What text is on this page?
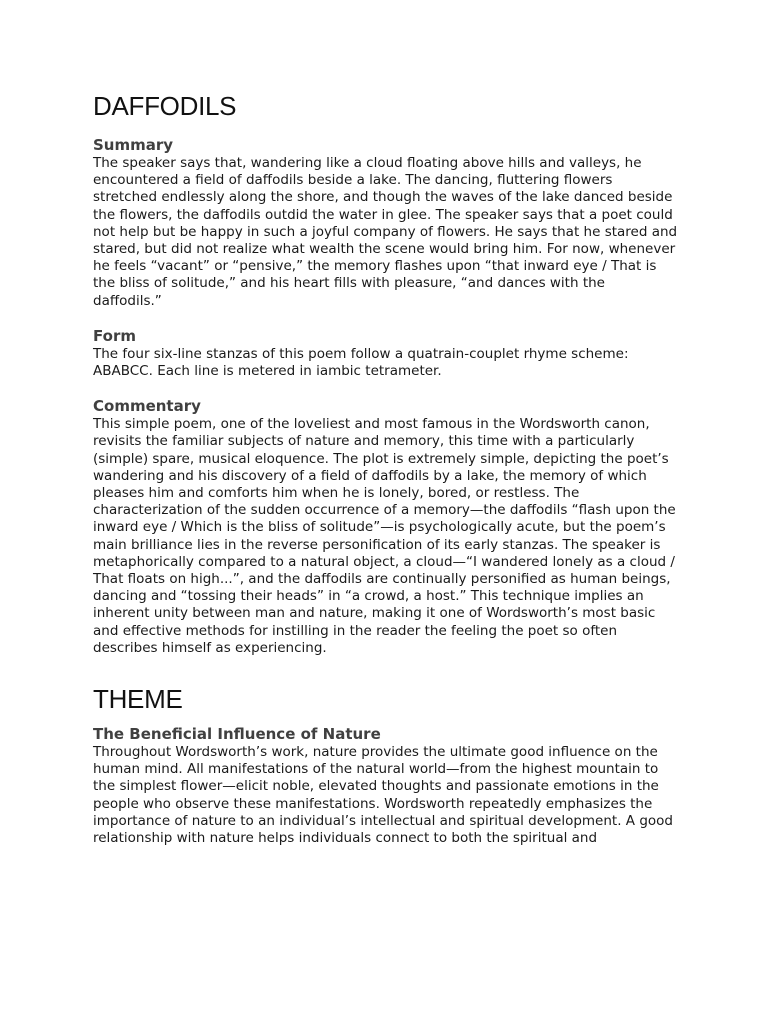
DAFFODILS
Summary

The speaker says that, wandering like a cloud floating above hills and valleys, he encountered a field of daffodils beside a lake. The dancing, fluttering flowers stretched endlessly along the shore, and though the waves of the lake danced beside the flowers, the daffodils outdid the water in glee. The speaker says that a poet could not help but be happy in such a joyful company of flowers. He says that he stared and stared, but did not realize what wealth the scene would bring him. For now, whenever he feels “vacant” or “pensive,” the memory flashes upon “that inward eye / That is the bliss of solitude,” and his heart fills with pleasure, “and dances with the daffodils.”

Form

The four six-line stanzas of this poem follow a quatrain-couplet rhyme scheme: ABABCC. Each line is metered in iambic tetrameter.

Commentary

This simple poem, one of the loveliest and most famous in the Wordsworth canon, revisits the familiar subjects of nature and memory, this time with a particularly (simple) spare, musical eloquence. The plot is extremely simple, depicting the poet’s wandering and his discovery of a field of daffodils by a lake, the memory of which pleases him and comforts him when he is lonely, bored, or restless. The characterization of the sudden occurrence of a memory—the daffodils “flash upon the inward eye / Which is the bliss of solitude”—is psychologically acute, but the poem’s main brilliance lies in the reverse personification of its early stanzas. The speaker is metaphorically compared to a natural object, a cloud—“I wandered lonely as a cloud / That floats on high...”, and the daffodils are continually personified as human beings, dancing and “tossing their heads” in “a crowd, a host.” This technique implies an inherent unity between man and nature, making it one of Wordsworth’s most basic and effective methods for instilling in the reader the feeling the poet so often describes himself as experiencing.

THEME
The Beneficial Influence of Nature

Throughout Wordsworth’s work, nature provides the ultimate good influence on the human mind. All manifestations of the natural world—from the highest mountain to the simplest flower—elicit noble, elevated thoughts and passionate emotions in the people who observe these manifestations. Wordsworth repeatedly emphasizes the importance of nature to an individual’s intellectual and spiritual development. A good relationship with nature helps individuals connect to both the spiritual and
